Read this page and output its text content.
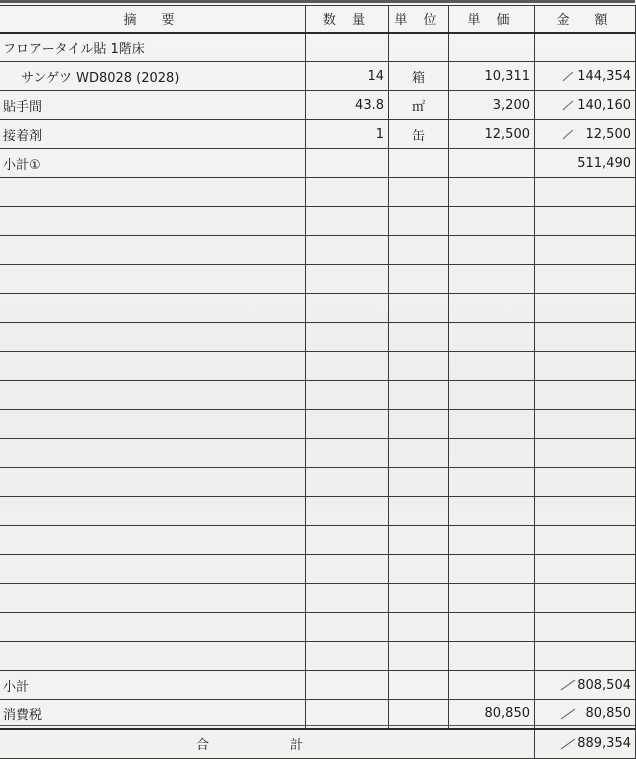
摘　要	数 量	単 位	単 価	金　額
フロアータイル貼 1階床				
サンゲツ WD8028 (2028)	14	箱	10,311	144,354
貼手間	43.8	㎡	3,200	140,160
接着剤	1	缶	12,500	12,500
小計①				511,490

小計				808,504
消費税			80,850	80,850
合　計				889,354
